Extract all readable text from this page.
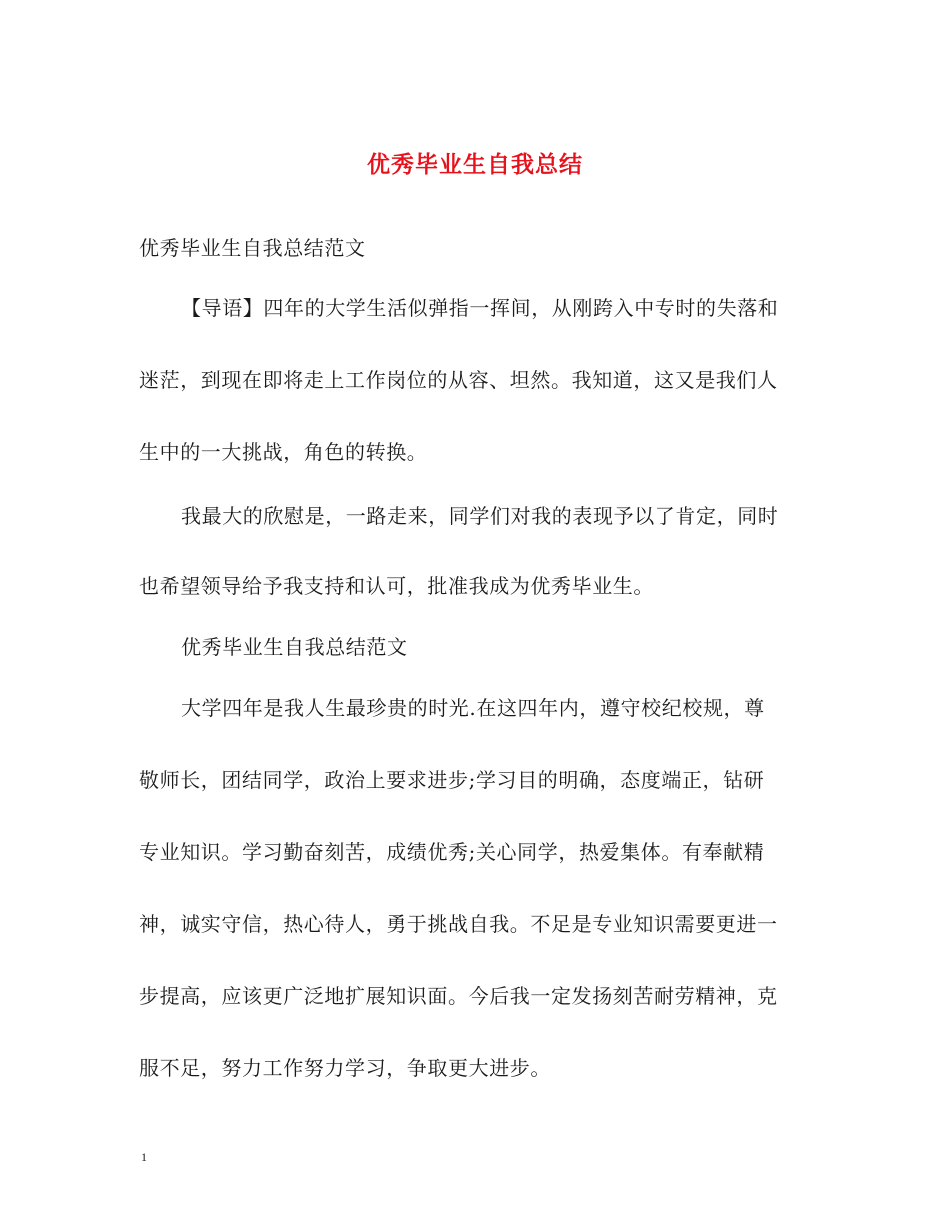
优秀毕业生自我总结
优秀毕业生自我总结范文
【导语】四年的大学生活似弹指一挥间，从刚跨入中专时的失落和
迷茫，到现在即将走上工作岗位的从容、坦然。我知道，这又是我们人
生中的一大挑战，角色的转换。
我最大的欣慰是，一路走来，同学们对我的表现予以了肯定，同时
也希望领导给予我支持和认可，批准我成为优秀毕业生。
优秀毕业生自我总结范文
大学四年是我人生最珍贵的时光.在这四年内，遵守校纪校规，尊
敬师长，团结同学，政治上要求进步;学习目的明确，态度端正，钻研
专业知识。学习勤奋刻苦，成绩优秀;关心同学，热爱集体。有奉献精
神，诚实守信，热心待人，勇于挑战自我。不足是专业知识需要更进一
步提高，应该更广泛地扩展知识面。今后我一定发扬刻苦耐劳精神，克
服不足，努力工作努力学习，争取更大进步。
1
